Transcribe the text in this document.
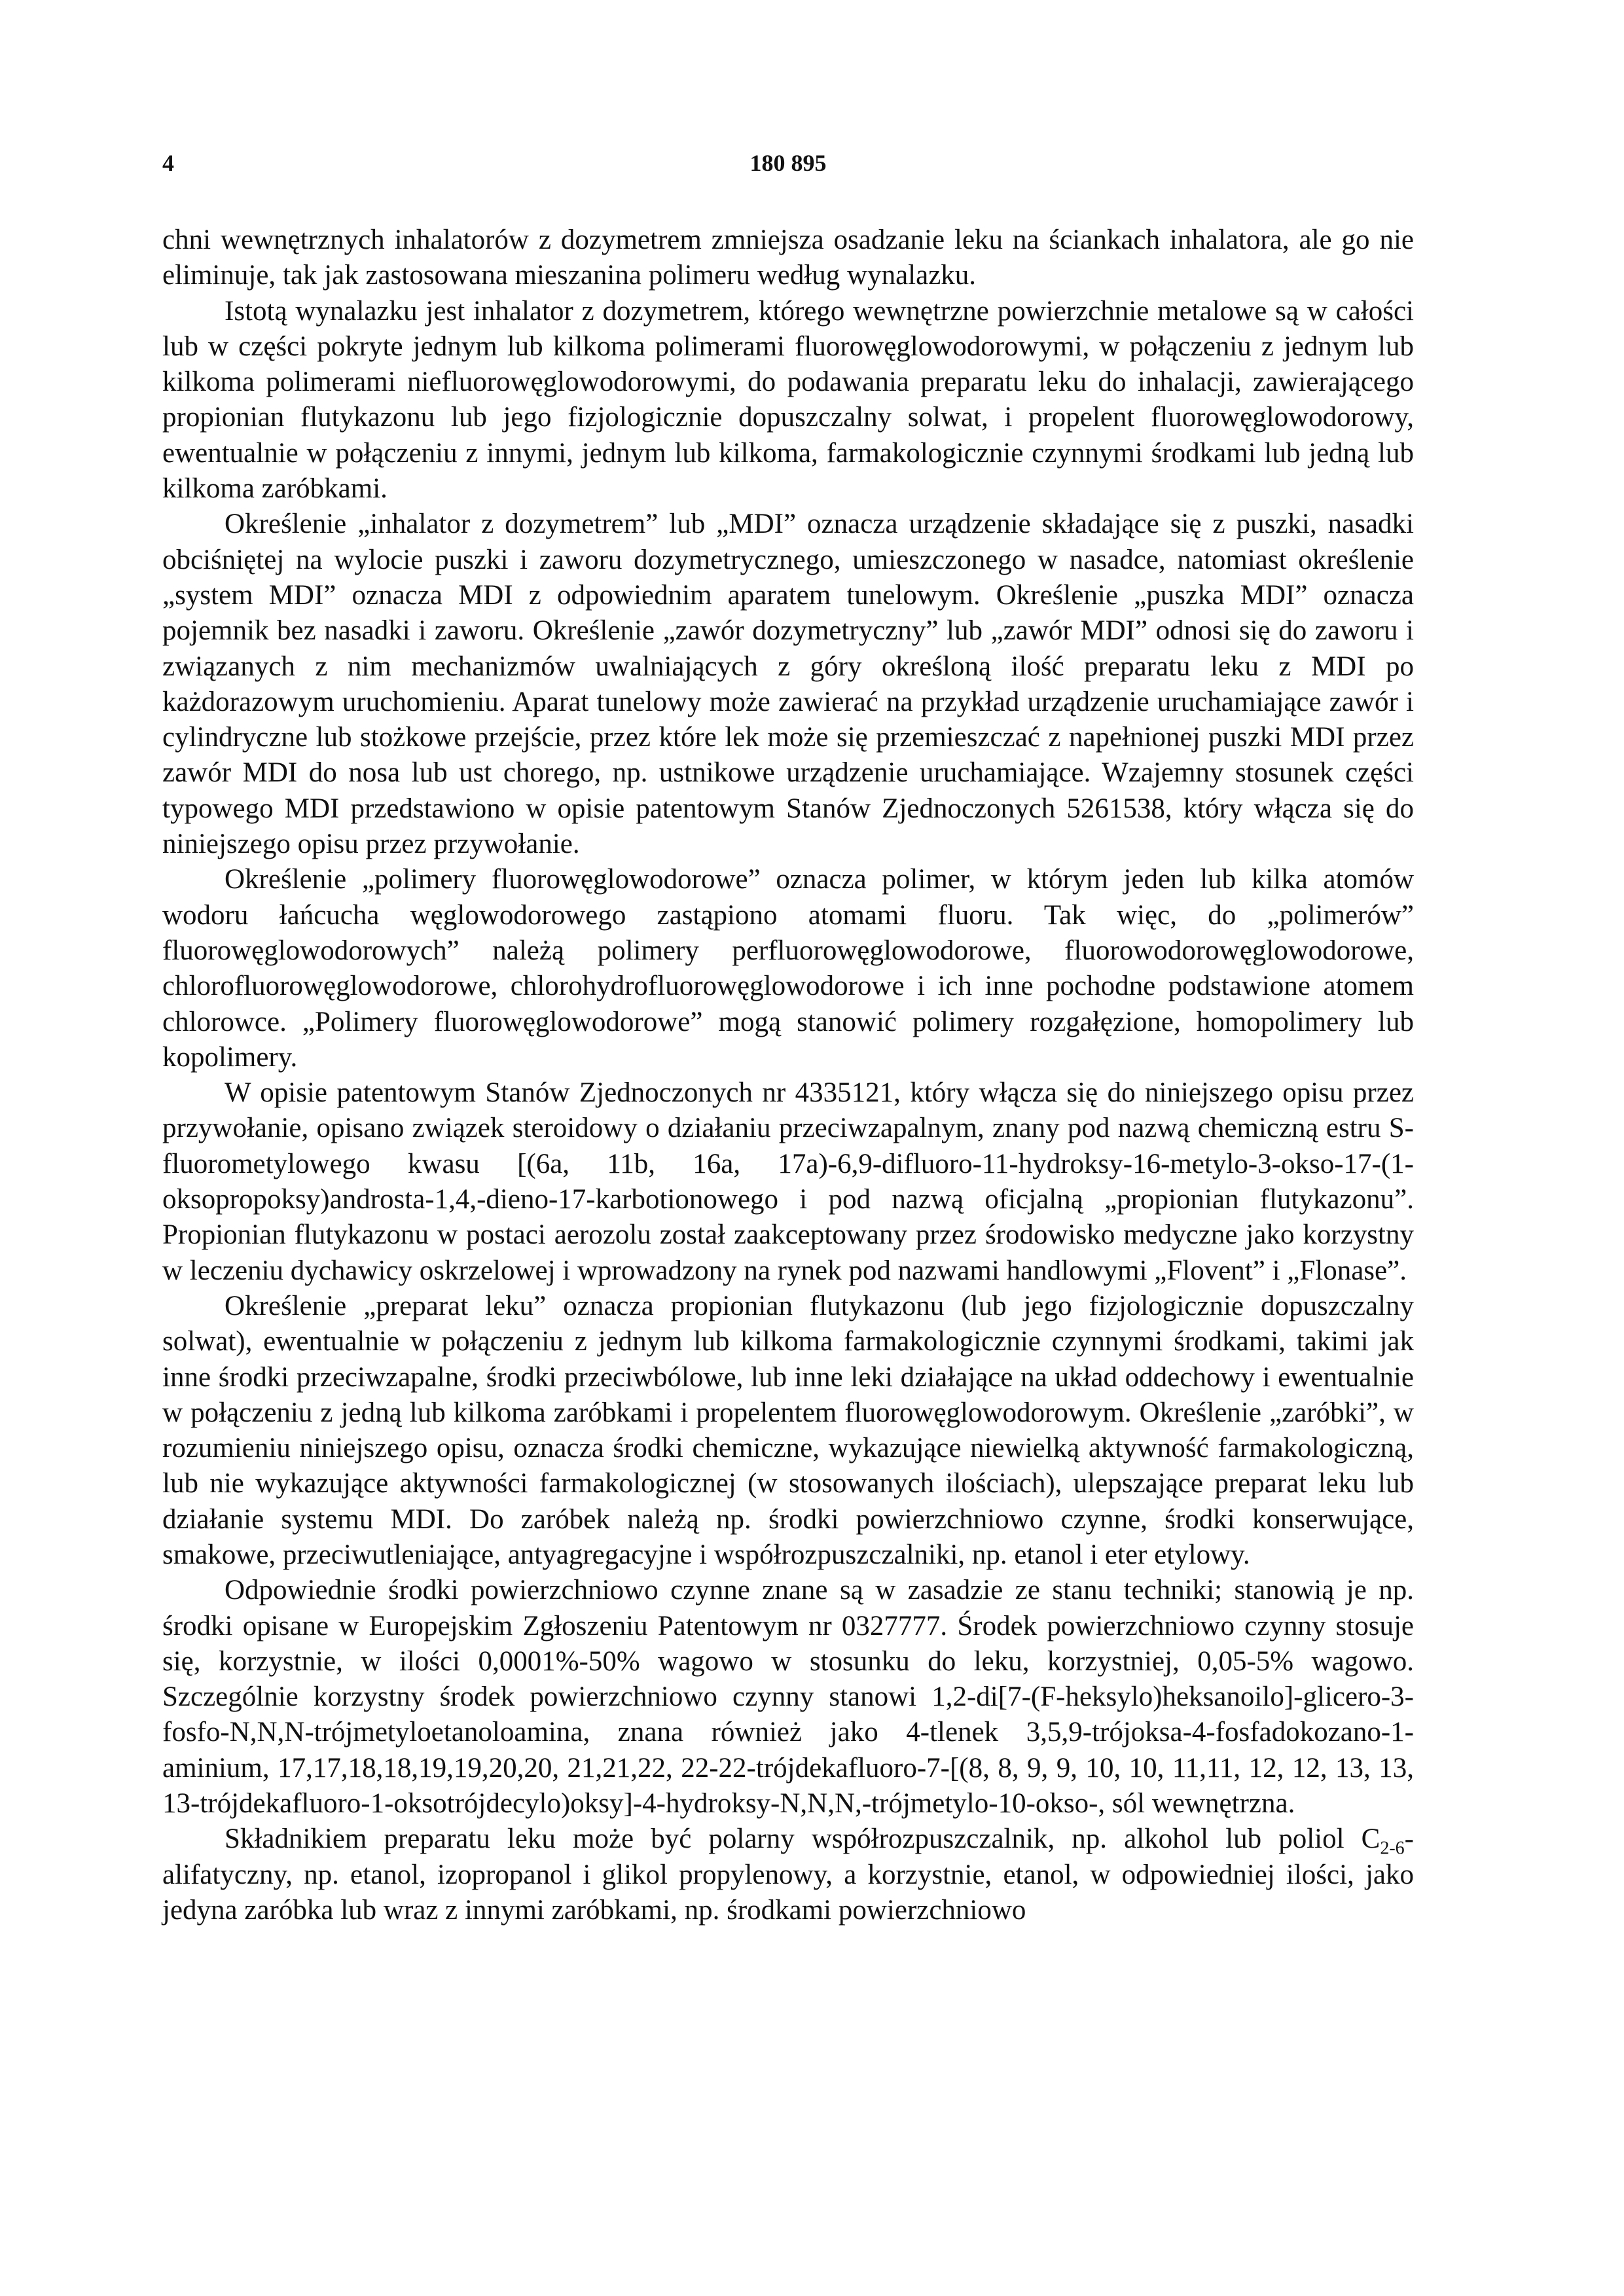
4	180 895

chni wewnętrznych inhalatorów z dozymetrem zmniejsza osadzanie leku na ściankach inhalatora, ale go nie eliminuje, tak jak zastosowana mieszanina polimeru według wynalazku.

Istotą wynalazku jest inhalator z dozymetrem, którego wewnętrzne powierzchnie metalowe są w całości lub w części pokryte jednym lub kilkoma polimerami fluorowęglowodorowymi, w połączeniu z jednym lub kilkoma polimerami niefluorowęglowodorowymi, do podawania preparatu leku do inhalacji, zawierającego propionian flutykazonu lub jego fizjologicznie dopuszczalny solwat, i propelent fluorowęglowodorowy, ewentualnie w połączeniu z innymi, jednym lub kilkoma, farmakologicznie czynnymi środkami lub jedną lub kilkoma zaróbkami.

Określenie „inhalator z dozymetrem” lub „MDI” oznacza urządzenie składające się z puszki, nasadki obciśniętej na wylocie puszki i zaworu dozymetrycznego, umieszczonego w nasadce, natomiast określenie „system MDI” oznacza MDI z odpowiednim aparatem tunelowym. Określenie „puszka MDI” oznacza pojemnik bez nasadki i zaworu. Określenie „zawór dozymetryczny” lub „zawór MDI” odnosi się do zaworu i związanych z nim mechanizmów uwalniających z góry określoną ilość preparatu leku z MDI po każdorazowym uruchomieniu. Aparat tunelowy może zawierać na przykład urządzenie uruchamiające zawór i cylindryczne lub stożkowe przejście, przez które lek może się przemieszczać z napełnionej puszki MDI przez zawór MDI do nosa lub ust chorego, np. ustnikowe urządzenie uruchamiające. Wzajemny stosunek części typowego MDI przedstawiono w opisie patentowym Stanów Zjednoczonych 5261538, który włącza się do niniejszego opisu przez przywołanie.

Określenie „polimery fluorowęglowodorowe” oznacza polimer, w którym jeden lub kilka atomów wodoru łańcucha węglowodorowego zastąpiono atomami fluoru. Tak więc, do „polimerów” fluorowęglowodorowych” należą polimery perfluorowęglowodorowe, fluorowodorowęglowodorowe, chlorofluorowęglowodorowe, chlorohydrofluorowęglowodorowe i ich inne pochodne podstawione atomem chlorowce. „Polimery fluorowęglowodorowe” mogą stanowić polimery rozgałęzione, homopolimery lub kopolimery.

W opisie patentowym Stanów Zjednoczonych nr 4335121, który włącza się do niniejszego opisu przez przywołanie, opisano związek steroidowy o działaniu przeciwzapalnym, znany pod nazwą chemiczną estru S-fluorometylowego kwasu [(6a, 11b, 16a, 17a)-6,9-difluoro-11-hydroksy-16-metylo-3-okso-17-(1-oksopropoksy)androsta-1,4,-dieno-17-karbotionowego i pod nazwą oficjalną „propionian flutykazonu”. Propionian flutykazonu w postaci aerozolu został zaakceptowany przez środowisko medyczne jako korzystny w leczeniu dychawicy oskrzelowej i wprowadzony na rynek pod nazwami handlowymi „Flovent” i „Flonase”.

Określenie „preparat leku” oznacza propionian flutykazonu (lub jego fizjologicznie dopuszczalny solwat), ewentualnie w połączeniu z jednym lub kilkoma farmakologicznie czynnymi środkami, takimi jak inne środki przeciwzapalne, środki przeciwbólowe, lub inne leki działające na układ oddechowy i ewentualnie w połączeniu z jedną lub kilkoma zaróbkami i propelentem fluorowęglowodorowym. Określenie „zaróbki”, w rozumieniu niniejszego opisu, oznacza środki chemiczne, wykazujące niewielką aktywność farmakologiczną, lub nie wykazujące aktywności farmakologicznej (w stosowanych ilościach), ulepszające preparat leku lub działanie systemu MDI. Do zaróbek należą np. środki powierzchniowo czynne, środki konserwujące, smakowe, przeciwutleniające, antyagregacyjne i współrozpuszczalniki, np. etanol i eter etylowy.

Odpowiednie środki powierzchniowo czynne znane są w zasadzie ze stanu techniki; stanowią je np. środki opisane w Europejskim Zgłoszeniu Patentowym nr 0327777. Środek powierzchniowo czynny stosuje się, korzystnie, w ilości 0,0001%-50% wagowo w stosunku do leku, korzystniej, 0,05-5% wagowo. Szczególnie korzystny środek powierzchniowo czynny stanowi 1,2-di[7-(F-heksylo)heksanoilo]-glicero-3-fosfo-N,N,N-trójmetyloetanoloamina, znana również jako 4-tlenek 3,5,9-trójoksa-4-fosfadokozano-1-aminium, 17,17,18,18,19,19,20,20, 21,21,22, 22-22-trójdekafluoro-7-[(8, 8, 9, 9, 10, 10, 11,11, 12, 12, 13, 13, 13-trójdekafluoro-1-oksotrójdecylo)oksy]-4-hydroksy-N,N,N,-trójmetylo-10-okso-, sól wewnętrzna.

Składnikiem preparatu leku może być polarny współrozpuszczalnik, np. alkohol lub poliol $C_{2-6}$-alifatyczny, np. etanol, izopropanol i glikol propylenowy, a korzystnie, etanol, w odpowiedniej ilości, jako jedyna zaróbka lub wraz z innymi zaróbkami, np. środkami powierzchniowo
